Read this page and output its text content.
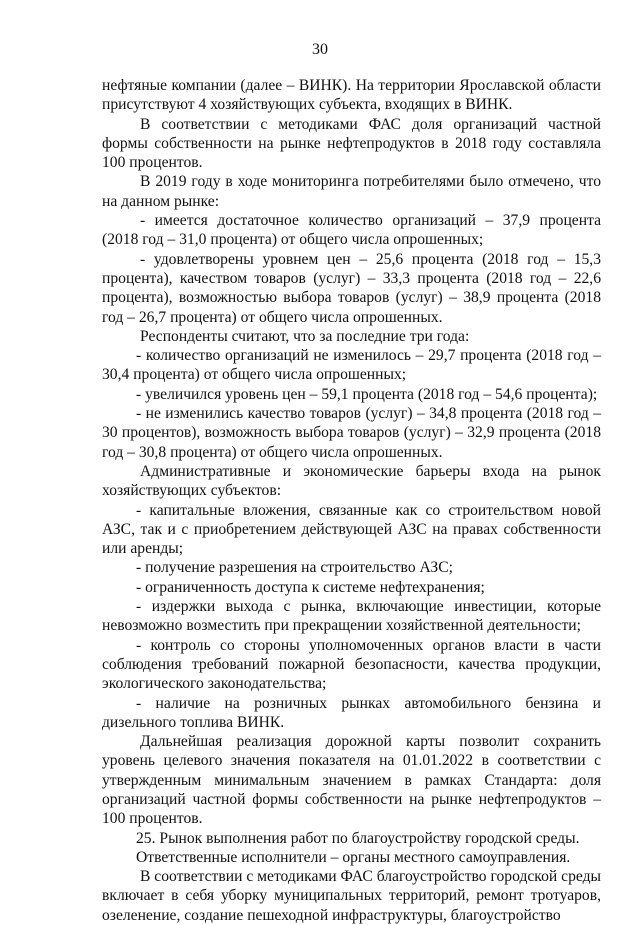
30

нефтяные компании (далее – ВИНК). На территории Ярославской области присутствуют 4 хозяйствующих субъекта, входящих в ВИНК.

В соответствии с методиками ФАС доля организаций частной формы собственности на рынке нефтепродуктов в 2018 году составляла 100 процентов.

В 2019 году в ходе мониторинга потребителями было отмечено, что на данном рынке:

- имеется достаточное количество организаций – 37,9 процента (2018 год – 31,0 процента) от общего числа опрошенных;

- удовлетворены уровнем цен – 25,6 процента (2018 год – 15,3 процента), качеством товаров (услуг) – 33,3 процента (2018 год – 22,6 процента), возможностью выбора товаров (услуг) – 38,9 процента (2018 год – 26,7 процента) от общего числа опрошенных.

Респонденты считают, что за последние три года:

- количество организаций не изменилось – 29,7 процента (2018 год – 30,4 процента) от общего числа опрошенных;

- увеличился уровень цен – 59,1 процента (2018 год – 54,6 процента);

- не изменились качество товаров (услуг) – 34,8 процента (2018 год – 30 процентов), возможность выбора товаров (услуг) – 32,9 процента (2018 год – 30,8 процента) от общего числа опрошенных.

Административные и экономические барьеры входа на рынок хозяйствующих субъектов:

- капитальные вложения, связанные как со строительством новой АЗС, так и с приобретением действующей АЗС на правах собственности или аренды;

- получение разрешения на строительство АЗС;

- ограниченность доступа к системе нефтехранения;

- издержки выхода с рынка, включающие инвестиции, которые невозможно возместить при прекращении хозяйственной деятельности;

- контроль со стороны уполномоченных органов власти в части соблюдения требований пожарной безопасности, качества продукции, экологического законодательства;

- наличие на розничных рынках автомобильного бензина и дизельного топлива ВИНК.

Дальнейшая реализация дорожной карты позволит сохранить уровень целевого значения показателя на 01.01.2022 в соответствии с утвержденным минимальным значением в рамках Стандарта: доля организаций частной формы собственности на рынке нефтепродуктов – 100 процентов.

25. Рынок выполнения работ по благоустройству городской среды.

Ответственные исполнители – органы местного самоуправления.

В соответствии с методиками ФАС благоустройство городской среды включает в себя уборку муниципальных территорий, ремонт тротуаров, озеленение, создание пешеходной инфраструктуры, благоустройство
